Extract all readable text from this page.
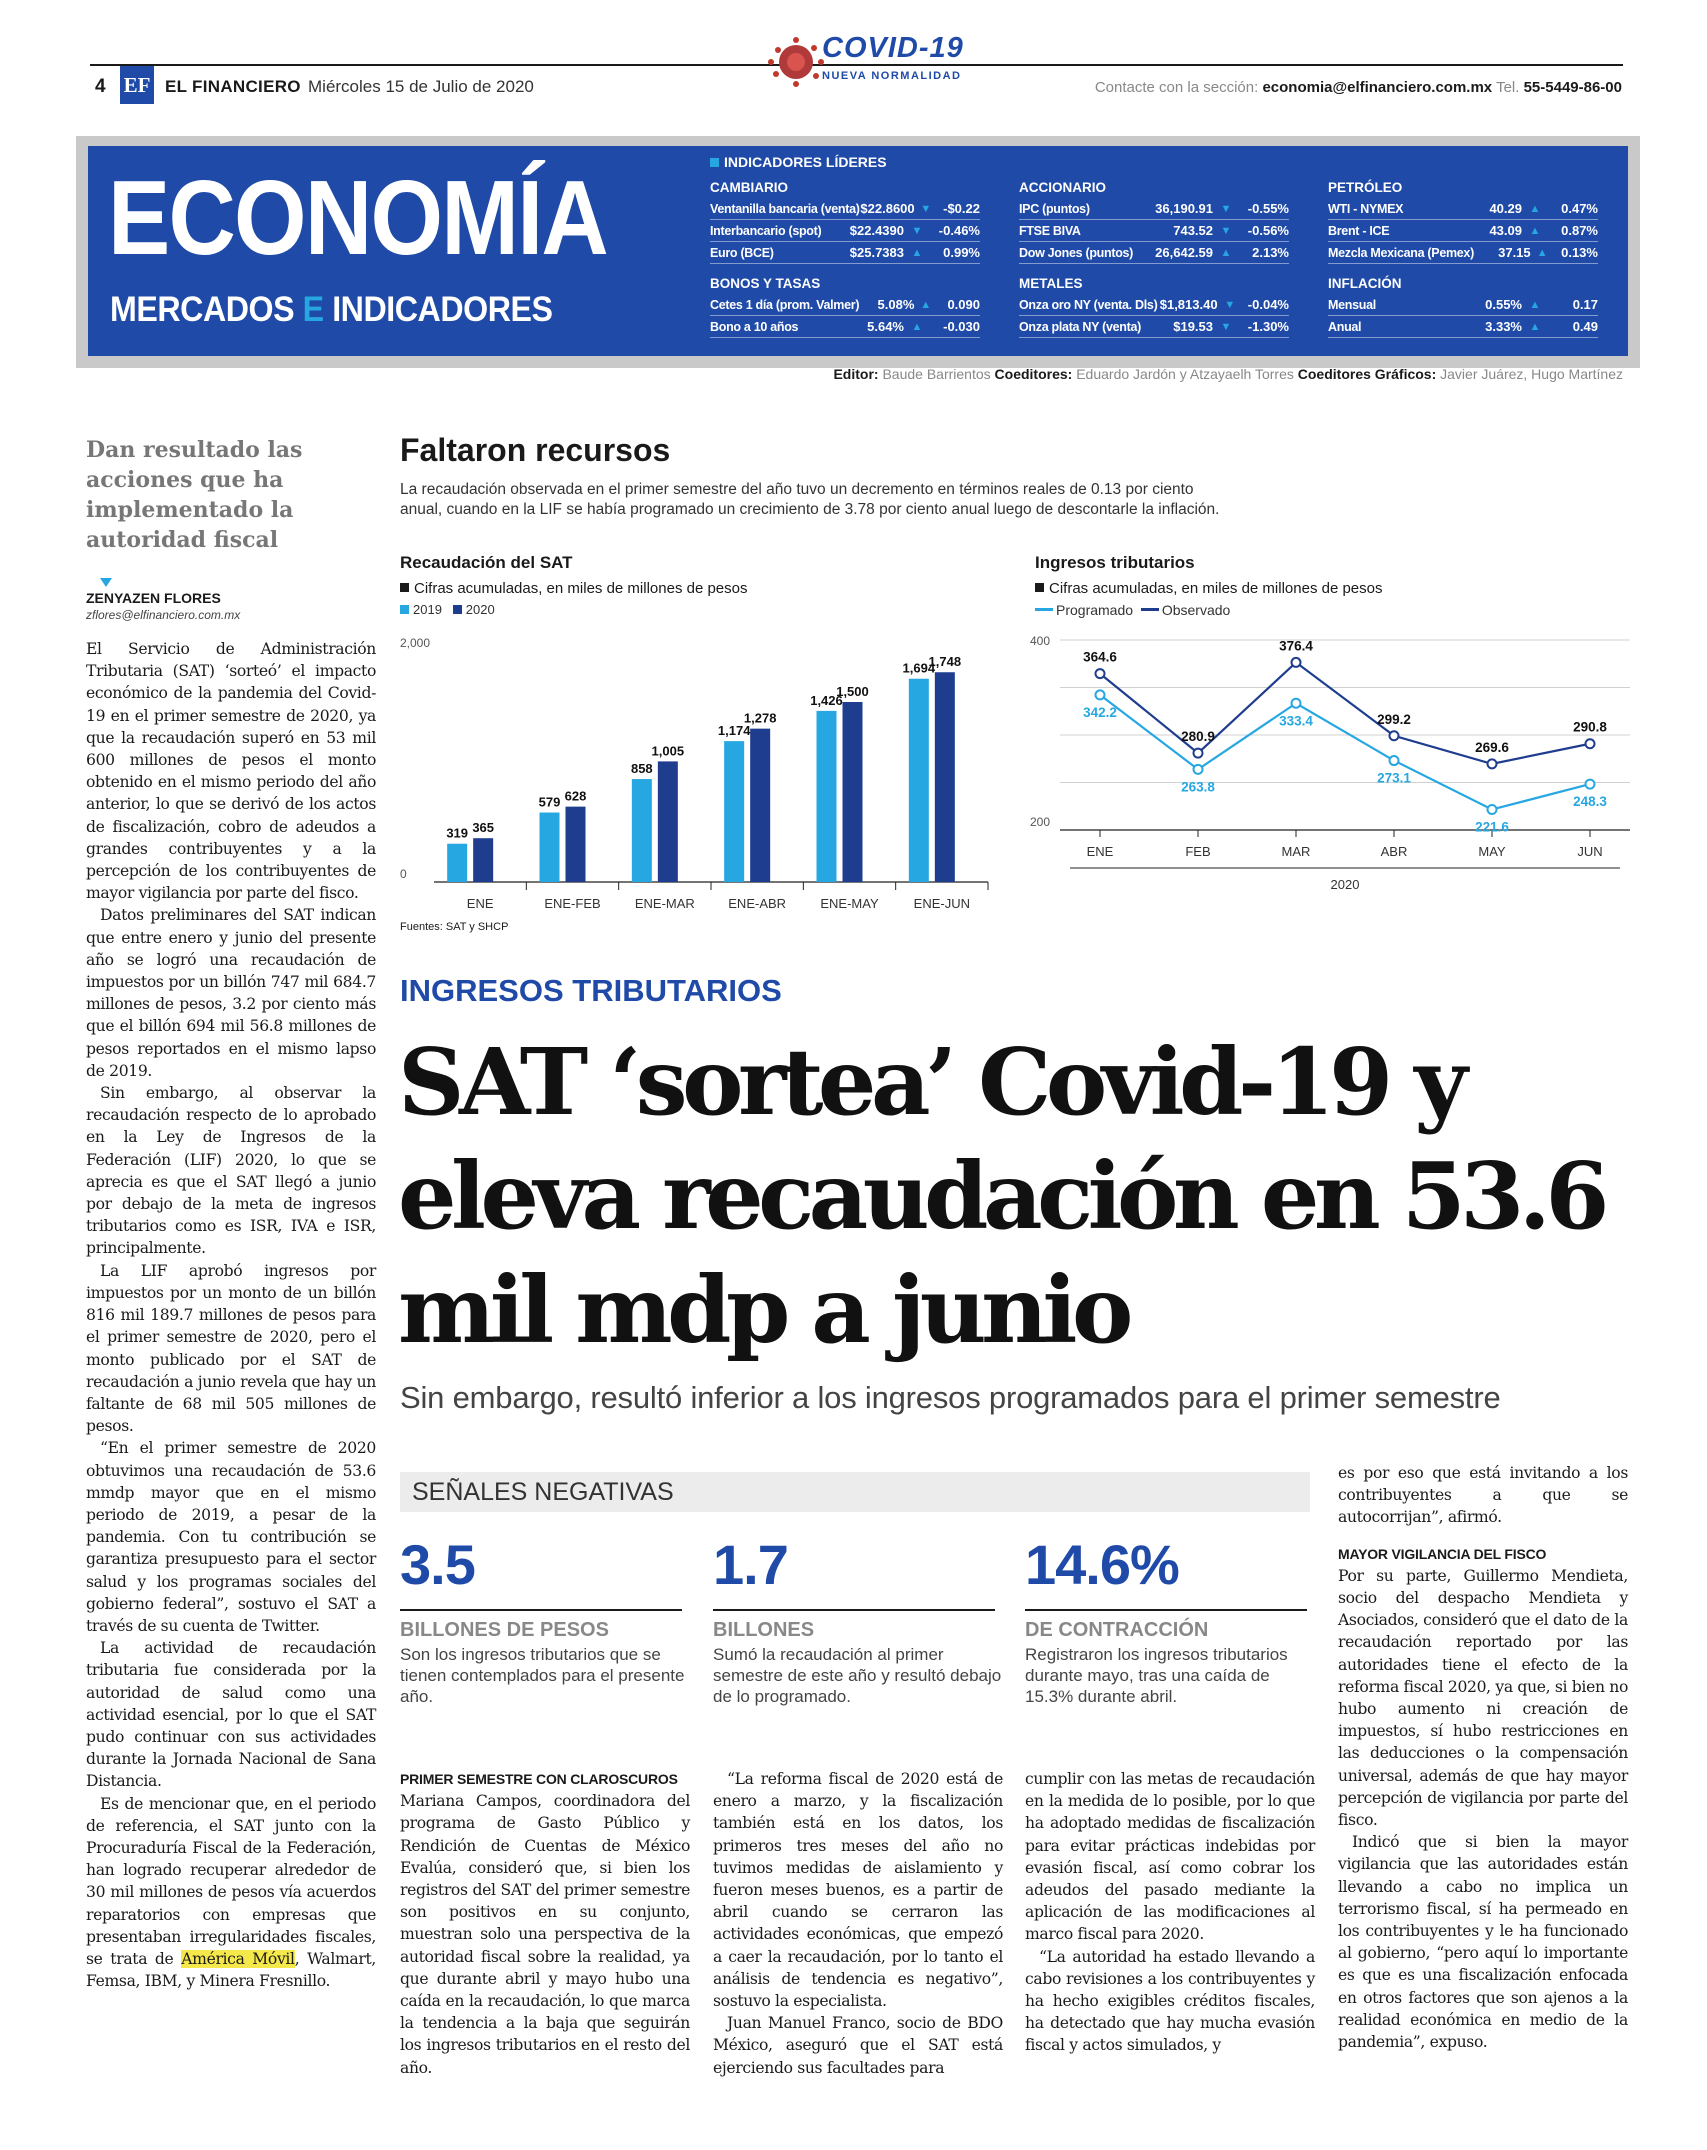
4 EF EL FINANCIERO Miércoles 15 de Julio de 2020
COVID-19
NUEVA NORMALIDAD
Contacte con la sección: economia@elfinanciero.com.mx Tel. 55-5449-86-00
ECONOMÍA
MERCADOS E INDICADORES
INDICADORES LÍDERES
CAMBIARIO
Ventanilla bancaria (venta) $22.8600 ▼ -$0.22
Interbancario (spot)	$22.4390 ▼	-0.46%
Euro (BCE)	$25.7383 ▲	0.99%
BONOS Y TASAS
Cetes 1 día (prom. Valmer)	5.08% ▲	0.090
Bono a 10 años	5.64% ▲	-0.030
ACCIONARIO
IPC (puntos)	36,190.91 ▼	-0.55%
FTSE BIVA	743.52 ▼	-0.56%
Dow Jones (puntos)	26,642.59 ▲	2.13%
METALES
Onza oro NY (venta. Dls) $1,813.40 ▼ -0.04%
Onza plata NY (venta)	$19.53 ▼	-1.30%
PETRÓLEO
WTI - NYMEX	40.29 ▲	0.47%
Brent - ICE	43.09 ▲	0.87%
Mezcla Mexicana (Pemex)	37.15 ▲	0.13%
INFLACIÓN
Mensual	0.55% ▲	0.17
Anual	3.33% ▲	0.49
Editor: Baude Barrientos Coeditores: Eduardo Jardón y Atzayaelh Torres Coeditores Gráficos: Javier Juárez, Hugo Martínez
Dan resultado las acciones que ha implementado la autoridad fiscal
ZENYAZEN FLORES
zflores@elfinanciero.com.mx

El Servicio de Administración Tributaria (SAT) ‘sorteó’ el impacto económico de la pandemia del Covid-19 en el primer semestre de 2020, ya que la recaudación superó en 53 mil 600 millones de pesos el monto obtenido en el mismo periodo del año anterior, lo que se derivó de los actos de fiscalización, cobro de adeudos a grandes contribuyentes y a la percepción de los contribuyentes de mayor vigilancia por parte del fisco.

Datos preliminares del SAT indican que entre enero y junio del presente año se logró una recaudación de impuestos por un billón 747 mil 684.7 millones de pesos, 3.2 por ciento más que el billón 694 mil 56.8 millones de pesos reportados en el mismo lapso de 2019.

Sin embargo, al observar la recaudación respecto de lo aprobado en la Ley de Ingresos de la Federación (LIF) 2020, lo que se aprecia es que el SAT llegó a junio por debajo de la meta de ingresos tributarios como es ISR, IVA e ISR, principalmente.

La LIF aprobó ingresos por impuestos por un monto de un billón 816 mil 189.7 millones de pesos para el primer semestre de 2020, pero el monto publicado por el SAT de recaudación a junio revela que hay un faltante de 68 mil 505 millones de pesos.

“En el primer semestre de 2020 obtuvimos una recaudación de 53.6 mmdp mayor que en el mismo periodo de 2019, a pesar de la pandemia. Con tu contribución se garantiza presupuesto para el sector salud y los programas sociales del gobierno federal”, sostuvo el SAT a través de su cuenta de Twitter.

La actividad de recaudación tributaria fue considerada por la autoridad de salud como una actividad esencial, por lo que el SAT pudo continuar con sus actividades durante la Jornada Nacional de Sana Distancia.

Es de mencionar que, en el periodo de referencia, el SAT junto con la Procuraduría Fiscal de la Federación, han logrado recuperar alrededor de 30 mil millones de pesos vía acuerdos reparatorios con empresas que presentaban irregularidades fiscales, se trata de América Móvil, Walmart, Femsa, IBM, y Minera Fresnillo.

Faltaron recursos
La recaudación observada en el primer semestre del año tuvo un decremento en términos reales de 0.13 por ciento anual, cuando en la LIF se había programado un crecimiento de 3.78 por ciento anual luego de descontarle la inflación.
Recaudación del SAT
Cifras acumuladas, en miles de millones de pesos
2019 2020
2,000
0
ENE
319 365
ENE-FEB
579 628
ENE-MAR
858
1,005
ENE-ABR
1,174
1,278
ENE-MAY
1,426
1,500
ENE-JUN
1,694
1,748
Fuentes: SAT y SHCP
Ingresos tributarios
Cifras acumuladas, en miles de millones de pesos
Programado Observado
400
200
ENE	FEB	MAR	ABR	MAY	JUN
2020
342.2
263.8
333.4
273.1
221.6
248.3
364.6
280.9
376.4
299.2
269.6
290.8
INGRESOS TRIBUTARIOS
SAT ‘sortea’ Covid-19 y eleva recaudación en 53.6 mil mdp a junio
Sin embargo, resultó inferior a los ingresos programados para el primer semestre
SEÑALES NEGATIVAS
3.5
BILLONES DE PESOS
Son los ingresos tributarios que se tienen contemplados para el presente año.
1.7
BILLONES
Sumó la recaudación al primer semestre de este año y resultó debajo de lo programado.
14.6%
DE CONTRACCIÓN
Registraron los ingresos tributarios durante mayo, tras una caída de 15.3% durante abril.

PRIMER SEMESTRE CON CLAROSCUROS

Mariana Campos, coordinadora del programa de Gasto Público y Rendición de Cuentas de México Evalúa, consideró que, si bien los registros del SAT del primer semestre son positivos en su conjunto, muestran solo una perspectiva de la autoridad fiscal sobre la realidad, ya que durante abril y mayo hubo una caída en la recaudación, lo que marca la tendencia a la baja que seguirán los ingresos tributarios en el resto del año.

“La reforma fiscal de 2020 está de enero a marzo, y la fiscalización también está en los datos, los primeros tres meses del año no tuvimos medidas de aislamiento y fueron meses buenos, es a partir de abril cuando se cerraron las actividades económicas, que empezó a caer la recaudación, por lo tanto el análisis de tendencia es negativo”, sostuvo la especialista.

Juan Manuel Franco, socio de BDO México, aseguró que el SAT está ejerciendo sus facultades para

cumplir con las metas de recaudación en la medida de lo posible, por lo que ha adoptado medidas de fiscalización para evitar prácticas indebidas por evasión fiscal, así como cobrar los adeudos del pasado mediante la aplicación de las modificaciones al marco fiscal para 2020.

“La autoridad ha estado llevando a cabo revisiones a los contribuyentes y ha hecho exigibles créditos fiscales, ha detectado que hay mucha evasión fiscal y actos simulados, y

es por eso que está invitando a los contribuyentes a que se autocorrijan”, afirmó.

MAYOR VIGILANCIA DEL FISCO

Por su parte, Guillermo Mendieta, socio del despacho Mendieta y Asociados, consideró que el dato de la recaudación reportado por las autoridades tiene el efecto de la reforma fiscal 2020, ya que, si bien no hubo aumento ni creación de impuestos, sí hubo restricciones en las deducciones o la compensación universal, además de que hay mayor percepción de vigilancia por parte del fisco.

Indicó que si bien la mayor vigilancia que las autoridades están llevando a cabo no implica un terrorismo fiscal, sí ha permeado en los contribuyentes y le ha funcionado al gobierno, “pero aquí lo importante es que es una fiscalización enfocada en otros factores que son ajenos a la realidad económica en medio de la pandemia”, expuso.
